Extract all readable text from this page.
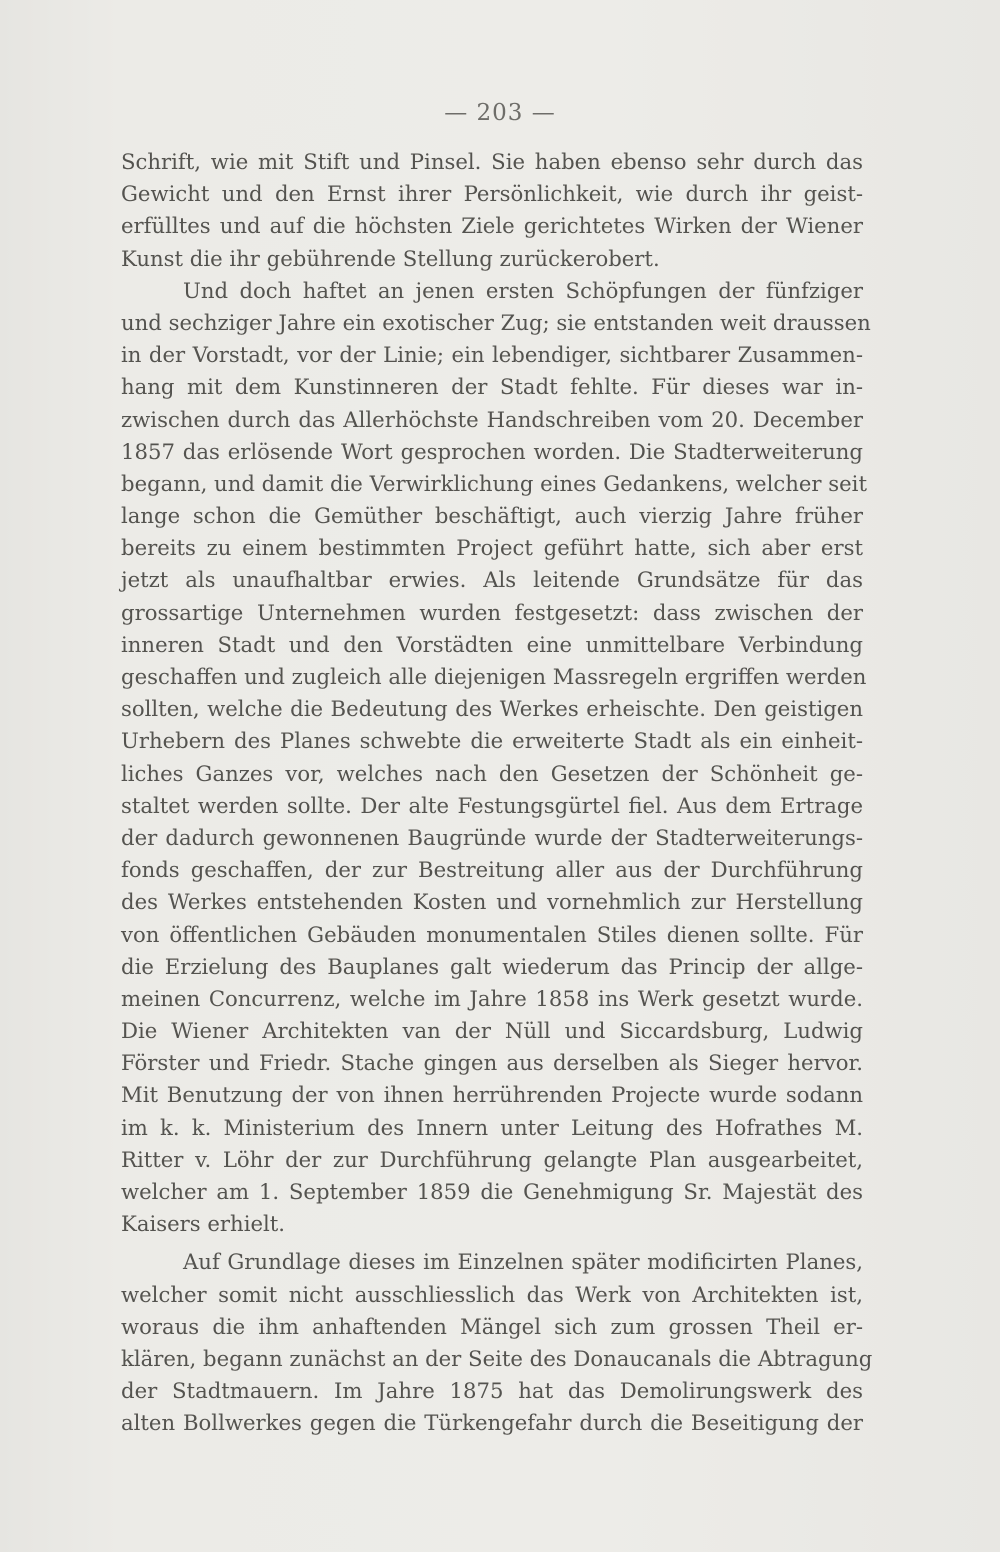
— 203 —
Schrift, wie mit Stift und Pinsel. Sie haben ebenso sehr durch das
Gewicht und den Ernst ihrer Persönlichkeit, wie durch ihr geist-
erfülltes und auf die höchsten Ziele gerichtetes Wirken der Wiener
Kunst die ihr gebührende Stellung zurückerobert.
Und doch haftet an jenen ersten Schöpfungen der fünfziger
und sechziger Jahre ein exotischer Zug; sie entstanden weit draussen
in der Vorstadt, vor der Linie; ein lebendiger, sichtbarer Zusammen-
hang mit dem Kunstinneren der Stadt fehlte. Für dieses war in-
zwischen durch das Allerhöchste Handschreiben vom 20. December
1857 das erlösende Wort gesprochen worden. Die Stadterweiterung
begann, und damit die Verwirklichung eines Gedankens, welcher seit
lange schon die Gemüther beschäftigt, auch vierzig Jahre früher
bereits zu einem bestimmten Project geführt hatte, sich aber erst
jetzt als unaufhaltbar erwies. Als leitende Grundsätze für das
grossartige Unternehmen wurden festgesetzt: dass zwischen der
inneren Stadt und den Vorstädten eine unmittelbare Verbindung
geschaffen und zugleich alle diejenigen Massregeln ergriffen werden
sollten, welche die Bedeutung des Werkes erheischte. Den geistigen
Urhebern des Planes schwebte die erweiterte Stadt als ein einheit-
liches Ganzes vor, welches nach den Gesetzen der Schönheit ge-
staltet werden sollte. Der alte Festungsgürtel fiel. Aus dem Ertrage
der dadurch gewonnenen Baugründe wurde der Stadterweiterungs-
fonds geschaffen, der zur Bestreitung aller aus der Durchführung
des Werkes entstehenden Kosten und vornehmlich zur Herstellung
von öffentlichen Gebäuden monumentalen Stiles dienen sollte. Für
die Erzielung des Bauplanes galt wiederum das Princip der allge-
meinen Concurrenz, welche im Jahre 1858 ins Werk gesetzt wurde.
Die Wiener Architekten van der Nüll und Siccardsburg, Ludwig
Förster und Friedr. Stache gingen aus derselben als Sieger hervor.
Mit Benutzung der von ihnen herrührenden Projecte wurde sodann
im k. k. Ministerium des Innern unter Leitung des Hofrathes M.
Ritter v. Löhr der zur Durchführung gelangte Plan ausgearbeitet,
welcher am 1. September 1859 die Genehmigung Sr. Majestät des
Kaisers erhielt.
Auf Grundlage dieses im Einzelnen später modificirten Planes,
welcher somit nicht ausschliesslich das Werk von Architekten ist,
woraus die ihm anhaftenden Mängel sich zum grossen Theil er-
klären, begann zunächst an der Seite des Donaucanals die Abtragung
der Stadtmauern. Im Jahre 1875 hat das Demolirungswerk des
alten Bollwerkes gegen die Türkengefahr durch die Beseitigung der
